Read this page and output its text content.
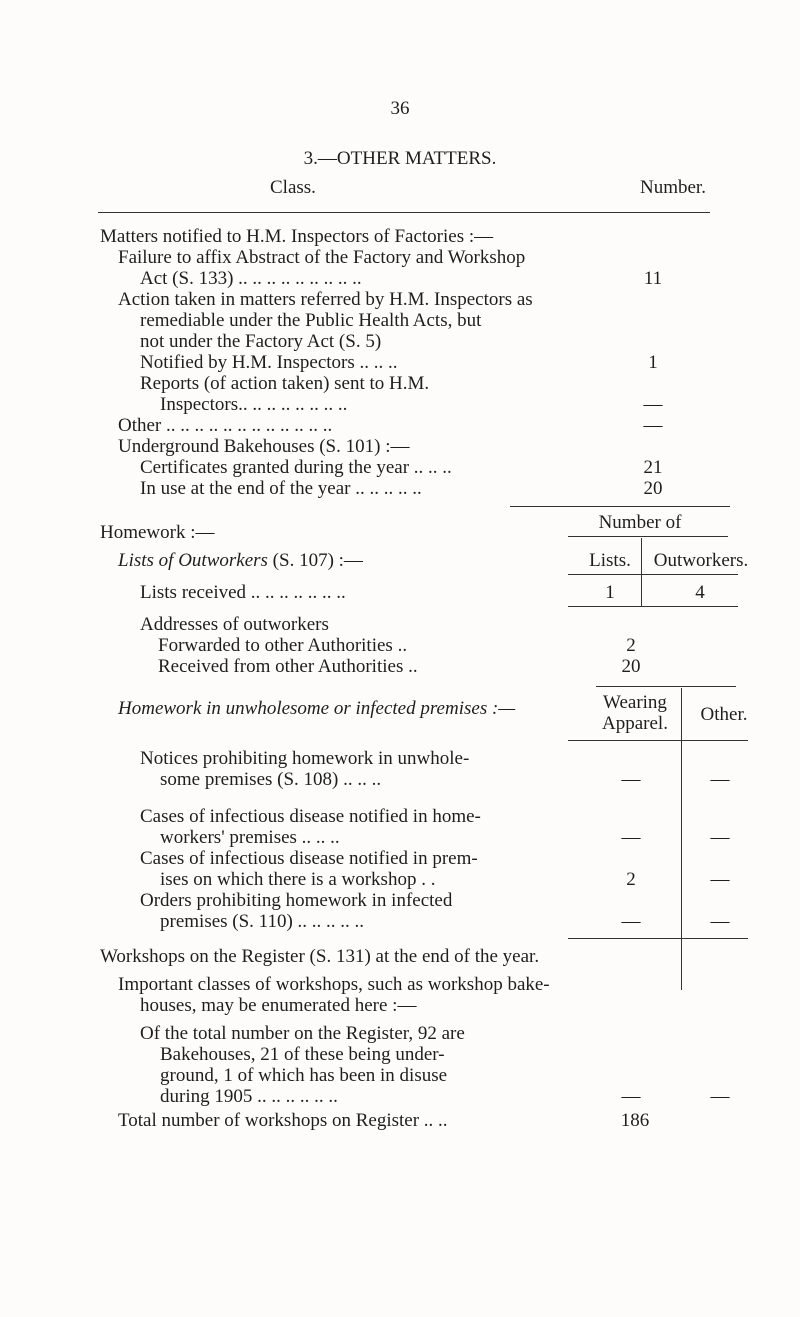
36
3.—OTHER MATTERS.
Class.	Number.
Matters notified to H.M. Inspectors of Factories :—
Failure to affix Abstract of the Factory and Workshop
Act (S. 133) .. .. .. .. .. .. .. .. ..	11
Action taken in matters referred by H.M. Inspectors as
remediable under the Public Health Acts, but
not under the Factory Act (S. 5)
Notified by H.M. Inspectors .. .. ..	1
Reports (of action taken) sent to H.M.
Inspectors.. .. .. .. .. .. .. ..	—
Other .. .. .. .. .. .. .. .. .. .. .. ..	—
Underground Bakehouses (S. 101) :—
Certificates granted during the year .. .. ..	21
In use at the end of the year .. .. .. .. ..	20
Homework :—	Number of
Lists of Outworkers (S. 107) :—	Lists.	Outworkers.
Lists received .. .. .. .. .. .. ..	1	4
Addresses of outworkers
Forwarded to other Authorities ..	2
Received from other Authorities ..	20
Homework in unwholesome or infected premises :—	Wearing
Apparel.	Other.
Notices prohibiting homework in unwhole-
some premises (S. 108) .. .. ..	—	—
Cases of infectious disease notified in home-
workers' premises .. .. ..	—	—
Cases of infectious disease notified in prem-
ises on which there is a workshop . .	2	—
Orders prohibiting homework in infected
premises (S. 110) .. .. .. .. ..	—	—
Workshops on the Register (S. 131) at the end of the year.
Important classes of workshops, such as workshop bake-
houses, may be enumerated here :—
Of the total number on the Register, 92 are
Bakehouses, 21 of these being under-
ground, 1 of which has been in disuse
during 1905 .. .. .. .. .. ..	—	—
Total number of workshops on Register .. ..	186
